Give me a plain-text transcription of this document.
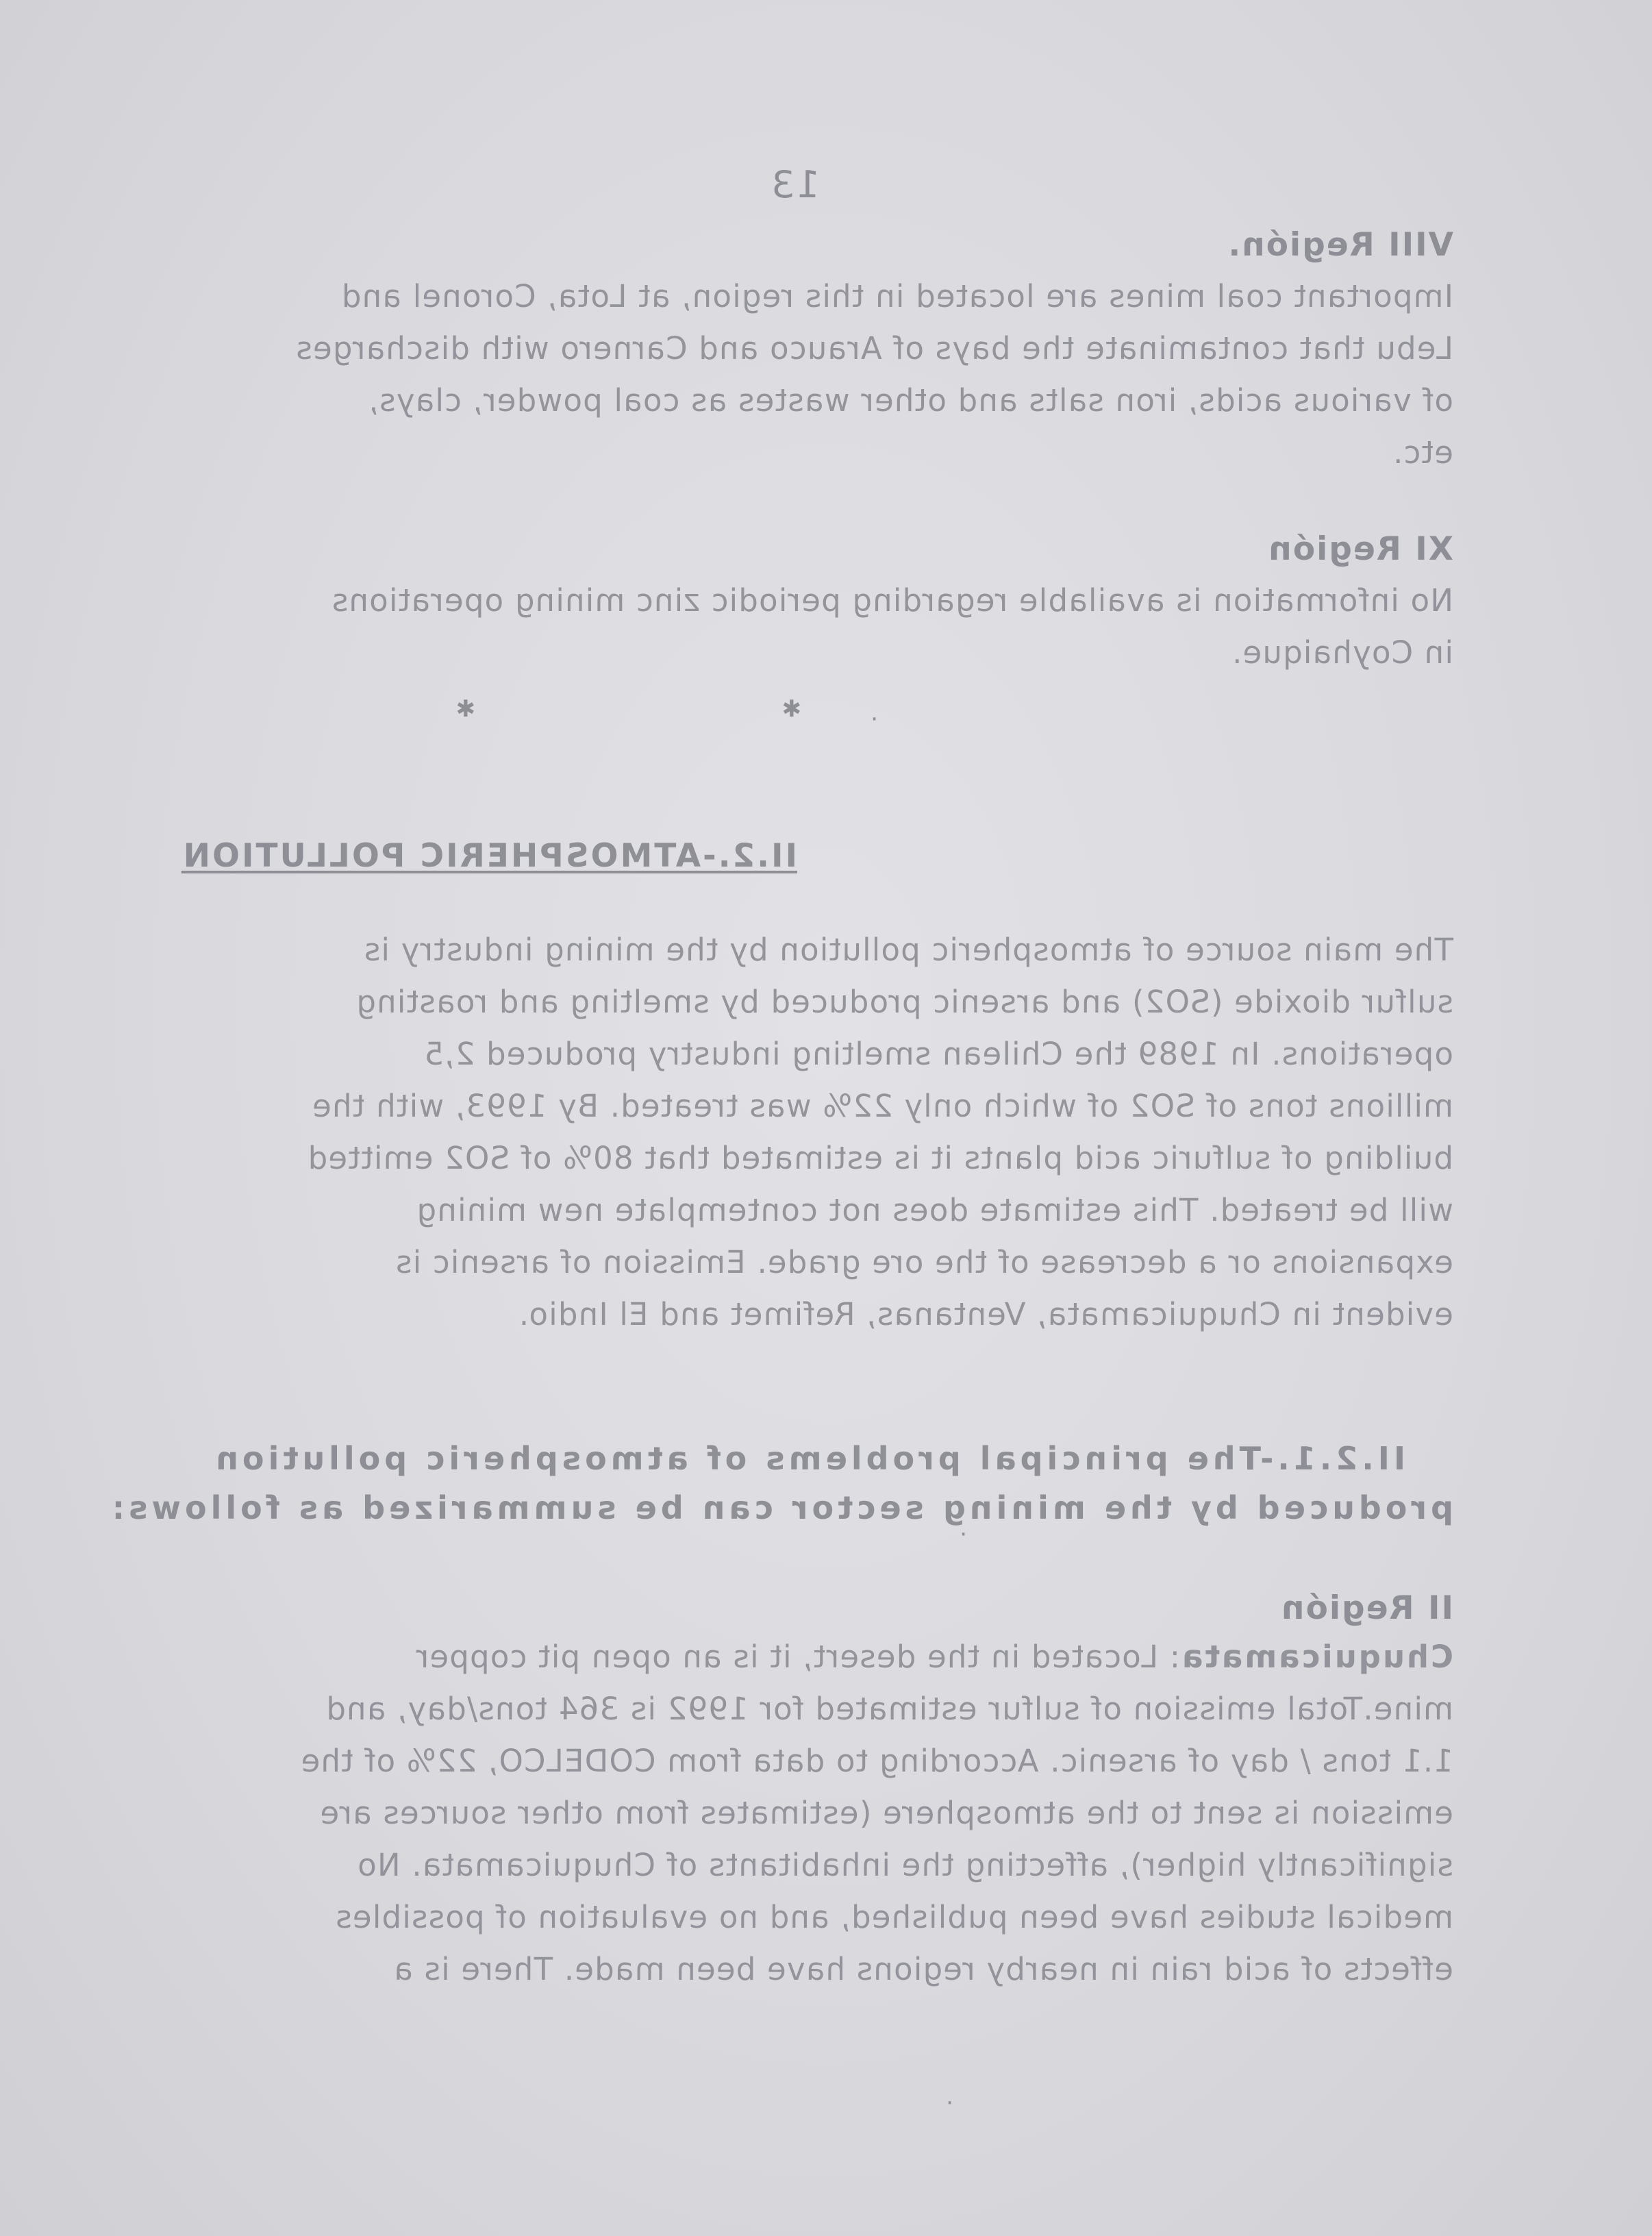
13
VIII Región.
Important coal mines are located in this region, at Lota, Coronel and
Lebu that contaminate the bays of Arauco and Carnero with discharges
of various acids, iron salts and other wastes as coal powder, clays,
etc.
XI Región
No information is available regarding periodic zinc mining operations
in Coyhaique.
✱	✱	·
II.2.-ATMOSPHERIC POLLUTION
The main source of atmospheric pollution by the mining industry is
sulfur dioxide (SO2) and arsenic produced by smelting and roasting
operations. In 1989 the Chilean smelting industry produced 2,5
millions tons of SO2 of which only 22% was treated. By 1993, with the
building of sulfuric acid plants it is estimated that 80% of SO2 emitted
will be treated. This estimate does not contemplate new mining
expansions or a decrease of the ore grade. Emission of arsenic is
evident in Chuquicamata, Ventanas, Refimet and El Indio.
II.2.1.-The principal problems of atmospheric pollution
produced by the mining sector can be summarized as follows:
II Región
Chuquicamata: Located in the desert, it is an open pit copper
mine.Total emission of sulfur estimated for 1992 is 364 tons/day, and
1.1 tons / day of arsenic. According to data from CODELCO, 22% of the
emission is sent to the atmosphere (estimates from other sources are
significantly higher), affecting the inhabitants of Chuquicamata. No
medical studies have been published, and no evaluation of possibles
effects of acid rain in nearby regions have been made. There is a
·
·
